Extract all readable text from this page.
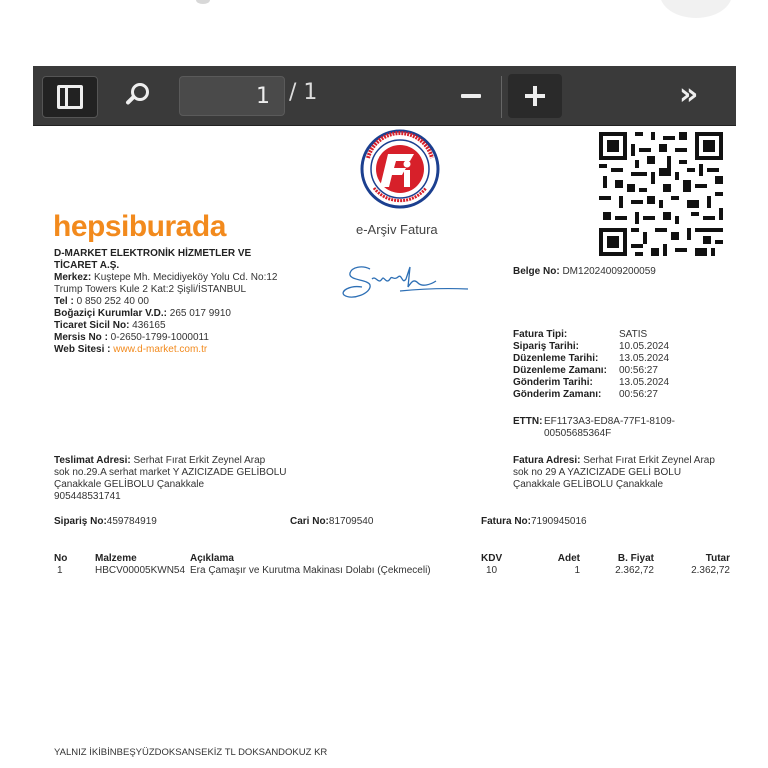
1 / 1	»
hepsiburada	e-Arşiv Fatura
D-MARKET ELEKTRONİK HİZMETLER VE
TİCARET A.Ş.
Merkez: Kuştepe Mh. Mecidiyeköy Yolu Cd. No:12
Trump Towers Kule 2 Kat:2 Şişli/İSTANBUL
Tel : 0 850 252 40 00
Boğaziçi Kurumlar V.D.: 265 017 9910
Ticaret Sicil No: 436165
Mersis No : 0-2650-1799-1000011
Web Sitesi : www.d-market.com.tr
Belge No: DM12024009200059
Fatura Tipi:	SATIS
Sipariş Tarihi:	10.05.2024
Düzenleme Tarihi: 13.05.2024
Düzenleme Zamanı: 00:56:27
Gönderim Tarihi:	13.05.2024
Gönderim Zamanı: 00:56:27
ETTN: EF1173A3-ED8A-77F1-8109-
00505685364F
Teslimat Adresi: Serhat Fırat Erkit Zeynel Arap
sok no.29.A serhat market Y AZICIZADE GELİBOLU
Çanakkale GELİBOLU Çanakkale
905448531741
Fatura Adresi: Serhat Fırat Erkit Zeynel Arap
sok no 29 A YAZICIZADE GELİ BOLU
Çanakkale GELİBOLU Çanakkale
Sipariş No:459784919	Cari No:81709540	Fatura No:7190945016
No	Malzeme	Açıklama	KDV	Adet	B. Fiyat	Tutar
1	HBCV00005KWN54 Era Çamaşır ve Kurutma Makinası Dolabı (Çekmeceli)	10	1	2.362,72	2.362,72
YALNIZ İKİBİNBEŞYÜZDOKSANSEKİZ TL DOKSANDOKUZ KR
